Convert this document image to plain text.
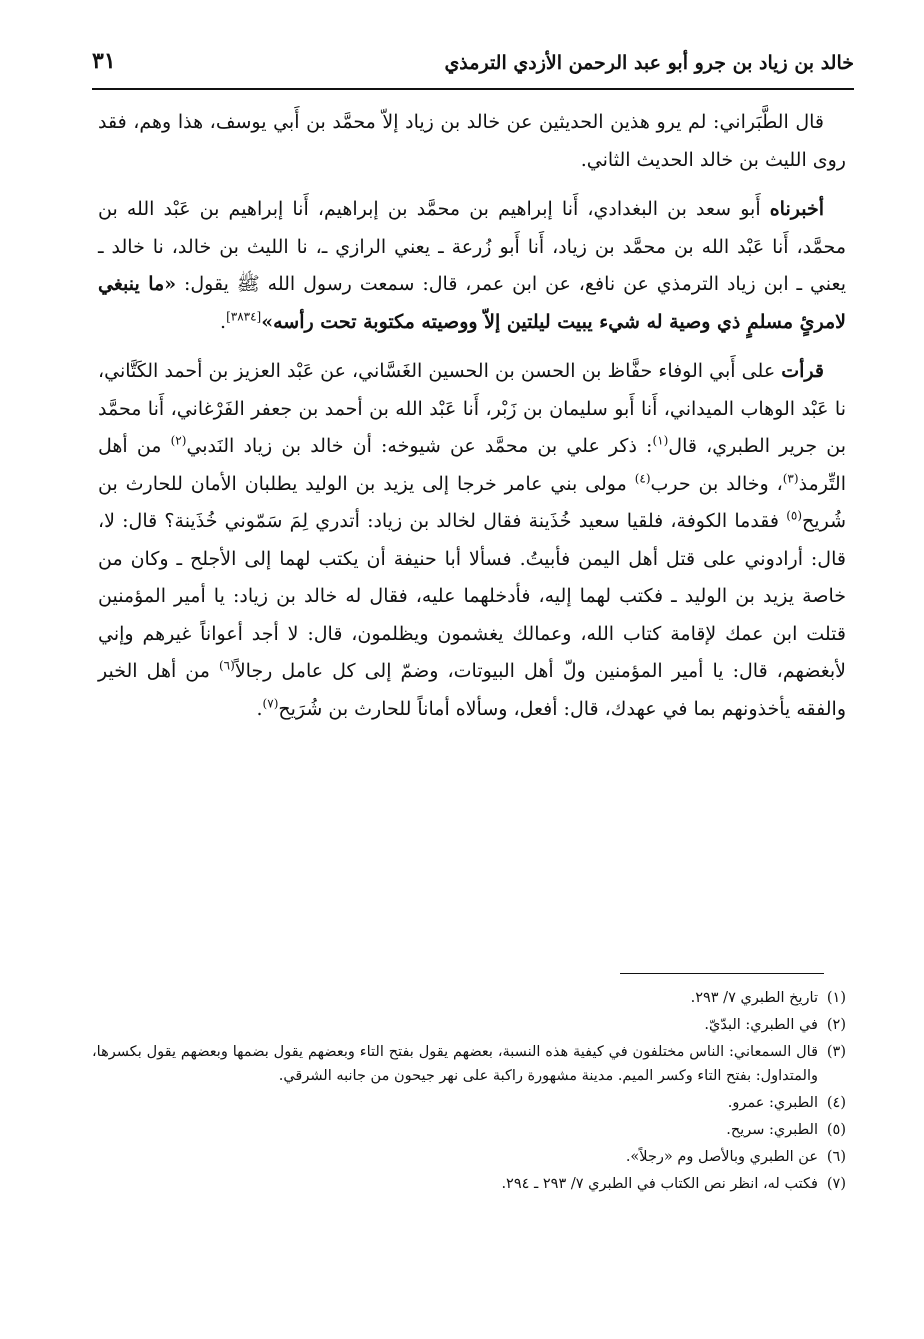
خالد بن زياد بن جرو أبو عبد الرحمن الأزدي الترمذي
٣١

قال الطَّبَراني: لم يرو هذين الحديثين عن خالد بن زياد إلاّ محمَّد بن أَبي يوسف، هذا وهم، فقد روى الليث بن خالد الحديث الثاني.

أخبرناه أَبو سعد بن البغدادي، أَنا إبراهيم بن محمَّد بن إبراهيم، أَنا إبراهيم بن عَبْد الله بن محمَّد، أَنا عَبْد الله بن محمَّد بن زياد، أَنا أَبو زُرعة ـ يعني الرازي ـ، نا الليث بن خالد، نا خالد ـ يعني ـ ابن زياد الترمذي عن نافع، عن ابن عمر، قال: سمعت رسول الله ﷺ يقول: «ما ينبغي لامرئٍ مسلمٍ ذي وصية له شيء يبيت ليلتين إلاّ ووصيته مكتوبة تحت رأسه»[٣٨٣٤].

قرأت على أَبي الوفاء حفَّاظ بن الحسن بن الحسين الغَسَّاني، عن عَبْد العزيز بن أحمد الكَتَّاني، نا عَبْد الوهاب الميداني، أَنا أَبو سليمان بن زَبْر، أَنا عَبْد الله بن أحمد بن جعفر الفَرْغاني، أَنا محمَّد بن جرير الطبري، قال$^{(١)}$: ذكر علي بن محمَّد عن شيوخه: أن خالد بن زياد النَدبي$^{(٢)}$ من أهل التِّرمذ$^{(٣)}$، وخالد بن حرب$^{(٤)}$ مولى بني عامر خرجا إلى يزيد بن الوليد يطلبان الأمان للحارث بن شُريح$^{(٥)}$ فقدما الكوفة، فلقيا سعيد خُذَينة فقال لخالد بن زياد: أتدري لِمَ سَمّوني خُذَينة؟ قال: لا، قال: أرادوني على قتل أهل اليمن فأبيتُ. فسألا أبا حنيفة أن يكتب لهما إلى الأجلح ـ وكان من خاصة يزيد بن الوليد ـ فكتب لهما إليه، فأدخلهما عليه، فقال له خالد بن زياد: يا أمير المؤمنين قتلت ابن عمك لإقامة كتاب الله، وعمالك يغشمون ويظلمون، قال: لا أجد أعواناً غيرهم وإني لأبغضهم، قال: يا أمير المؤمنين ولّ أهل البيوتات، وضمّ إلى كل عامل رجالاً$^{(٦)}$ من أهل الخير والفقه يأخذونهم بما في عهدك، قال: أفعل، وسألاه أماناً للحارث بن شُرَيح$^{(٧)}$.

(١)
تاريخ الطبري ٧/ ٢٩٣.
(٢)
في الطبري: البدّيّ.
(٣)
قال السمعاني: الناس مختلفون في كيفية هذه النسبة، بعضهم يقول بفتح التاء وبعضهم يقول بضمها وبعضهم يقول بكسرها، والمتداول: بفتح التاء وكسر الميم. مدينة مشهورة راكبة على نهر جيحون من جانبه الشرقي.
(٤)
الطبري: عمرو.
(٥)
الطبري: سريح.
(٦)
عن الطبري وبالأصل وم «رجلاً».
(٧)
فكتب له، انظر نص الكتاب في الطبري ٧/ ٢٩٣ ـ ٢٩٤.
